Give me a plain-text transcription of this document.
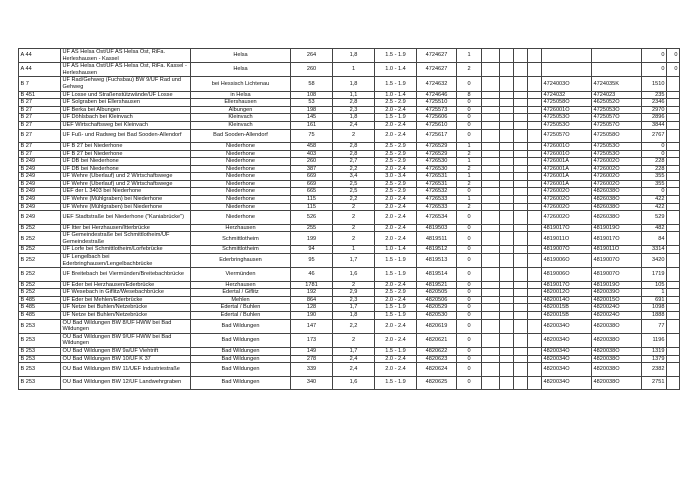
A 44	UF AS Helsa Ost/UF AS Helsa Ost, RiFa. Herleshausen - Kassel	Helsa	264	1,8	1.5 - 1.9	4724627	1							0	0
A 44	UF AS Helsa Ost/UF AS Helsa Ost, RiFa. Kassel - Herleshausen	Helsa	260	1	1.0 - 1.4	4724627	2							0	0
B 7	UF Rad/Gehweg (Fuchsbau) BW 9/UF Rad und Gehweg	bei Hessisch Lichtenau	58	1,8	1.5 - 1.9	4724632	0					4724003O	4724035K	1510	
B 451	UF Losse und Straßenstützwände/UF Losse	in Helsa	108	1,1	1.0 - 1.4	4724646	8					4724032	4724023	235	
B 27	UF Solgraben bei Ellershausen	Ellershausen	53	2,8	2.5 - 2.9	4725510	0					4725058O	4625052O	2346	
B 27	UF Berka bei Albungen	Albungen	198	2,3	2.0 - 2.4	4725573	0					4726001O	4725053O	2970	
B 27	UF Döhlsbach bei Kleinvach	Kleinvach	145	1,8	1.5 - 1.9	4725606	0					4725053O	4725057O	2896	
B 27	UEF Wirtschaftsweg bei Kleinvach	Kleinvach	161	2,4	2.0 - 2.4	4725610	0					4725053O	4725057O	3844	
B 27	UF Fuß- und Radweg bei Bad Sooden-Allendorf	Bad Sooden-Allendorf	75	2	2.0 - 2.4	4725617	0					4725057O	4725058O	2767	
B 27	UF B 27 bei Niederhone	Niederhone	458	2,8	2.5 - 2.9	4726529	1					4726001O	4725053O	0	
B 27	UF B 27 bei Niederhone	Niederhone	403	2,8	2.5 - 2.9	4726529	2					4726001O	4725053O	0	
B 249	UF DB bei Niederhone	Niederhone	260	2,7	2.5 - 2.9	4726530	1					4726001A	4726002O	228	
B 249	UF DB bei Niederhone	Niederhone	387	2,2	2.0 - 2.4	4726530	2					4726001A	4726002O	228	
B 249	UF Wehre (Überlauf) und 2 Wirtschaftswege	Niederhone	669	3,4	3.0 - 3.4	4726531	1					4726001A	4726002O	355	
B 249	UF Wehre (Überlauf) und 2 Wirtschaftswege	Niederhone	669	2,5	2.5 - 2.9	4726531	2					4726001A	4726002O	355	
B 249	UEF der L 3403 bei Niederhone	Niederhone	665	2,5	2.5 - 2.9	4726532	0					4726002O	4826038O	0	
B 249	UF Wehre (Mühlgraben) bei Niederhone	Niederhone	115	2,2	2.0 - 2.4	4726533	1					4726002O	4826038O	422	
B 249	UF Wehre (Mühlgraben) bei Niederhone	Niederhone	115	2	2.0 - 2.4	4726533	2					4726002O	4826038O	422	
B 249	UEF Stadtstraße bei Niederhone ("Kaniabrücke")	Niederhone	526	2	2.0 - 2.4	4726534	0					4726002O	4826038O	529	
B 252	UF Itter bei Herzhausen/Itterbrücke	Herzhausen	255	2	2.0 - 2.4	4819503	0					4819017O	4819019O	482	
B 252	UF Gemeindestraße bei Schmittlotheim/UF Gemeindestraße	Schmittlotheim	199	2	2.0 - 2.4	4819511	0					4819011O	4819017O	84	
B 252	UF Lorfe bei Schmittlotheim/Lorfebrücke	Schmittlotheim	94	1	1.0 - 1.4	4819512	0					4819007O	4819011O	3314	
B 252	UF Lengelbach bei Ederbringhausen/Lengelbachbrücke	Ederbringhausen	95	1,7	1.5 - 1.9	4819513	0					4819006O	4819007O	3420	
B 252	UF Breitebach bei Viermünden/Breitebachbrücke	Viermünden	46	1,6	1.5 - 1.9	4819514	0					4819006O	4819007O	1719	
B 252	UF Eder bei Herzhausen/Ederbrücke	Herzhausen	1781	2	2.0 - 2.4	4819521	0					4819017O	4819019O	105	
B 252	UF Wesebach in Giflitz/Wesebachbrücke	Edertal / Giflitz	192	2,9	2.5 - 2.9	4820505	0					4820012O	4820039O	1	
B 485	UF Eder bei Mehlen/Ederbrücke	Mehlen	864	2,3	2.0 - 2.4	4820506	0					4820014O	4820015O	691	
B 485	UF Netze bei Buhlen/Netzebrücke	Edertal / Buhlen	128	1,7	1.5 - 1.9	4820529	0					4820015B	4820024O	1098	
B 485	UF Netze bei Buhlen/Netzebrücke	Edertal / Buhlen	190	1,8	1.5 - 1.9	4820530	0					4820015B	4820024O	1888	
B 253	OU Bad Wildungen BW 8/UF HWW bei Bad Wildungen	Bad Wildungen	147	2,2	2.0 - 2.4	4820619	0					4820034O	4820038O	77	
B 253	OU Bad Wildungen BW 9/UF HWW bei Bad Wildungen	Bad Wildungen	173	2	2.0 - 2.4	4820621	0					4820034O	4820038O	1196	
B 253	OU Bad Wildungen BW 9a/UF Viehtrift	Bad Wildungen	149	1,7	1.5 - 1.9	4820622	0					4820034O	4820038O	1319	
B 253	OU Bad Wildungen BW 10/UF K 37	Bad Wildungen	278	2,4	2.0 - 2.4	4820623	0					4820034O	4820038O	1379	
B 253	OU Bad Wildungen BW 11/UEF Industriestraße	Bad Wildungen	339	2,4	2.0 - 2.4	4820624	0					4820034O	4820038O	2382	
B 253	OU Bad Wildungen BW 12/UF Landwehrgraben	Bad Wildungen	340	1,6	1.5 - 1.9	4820625	0					4820034O	4820038O	2751	
